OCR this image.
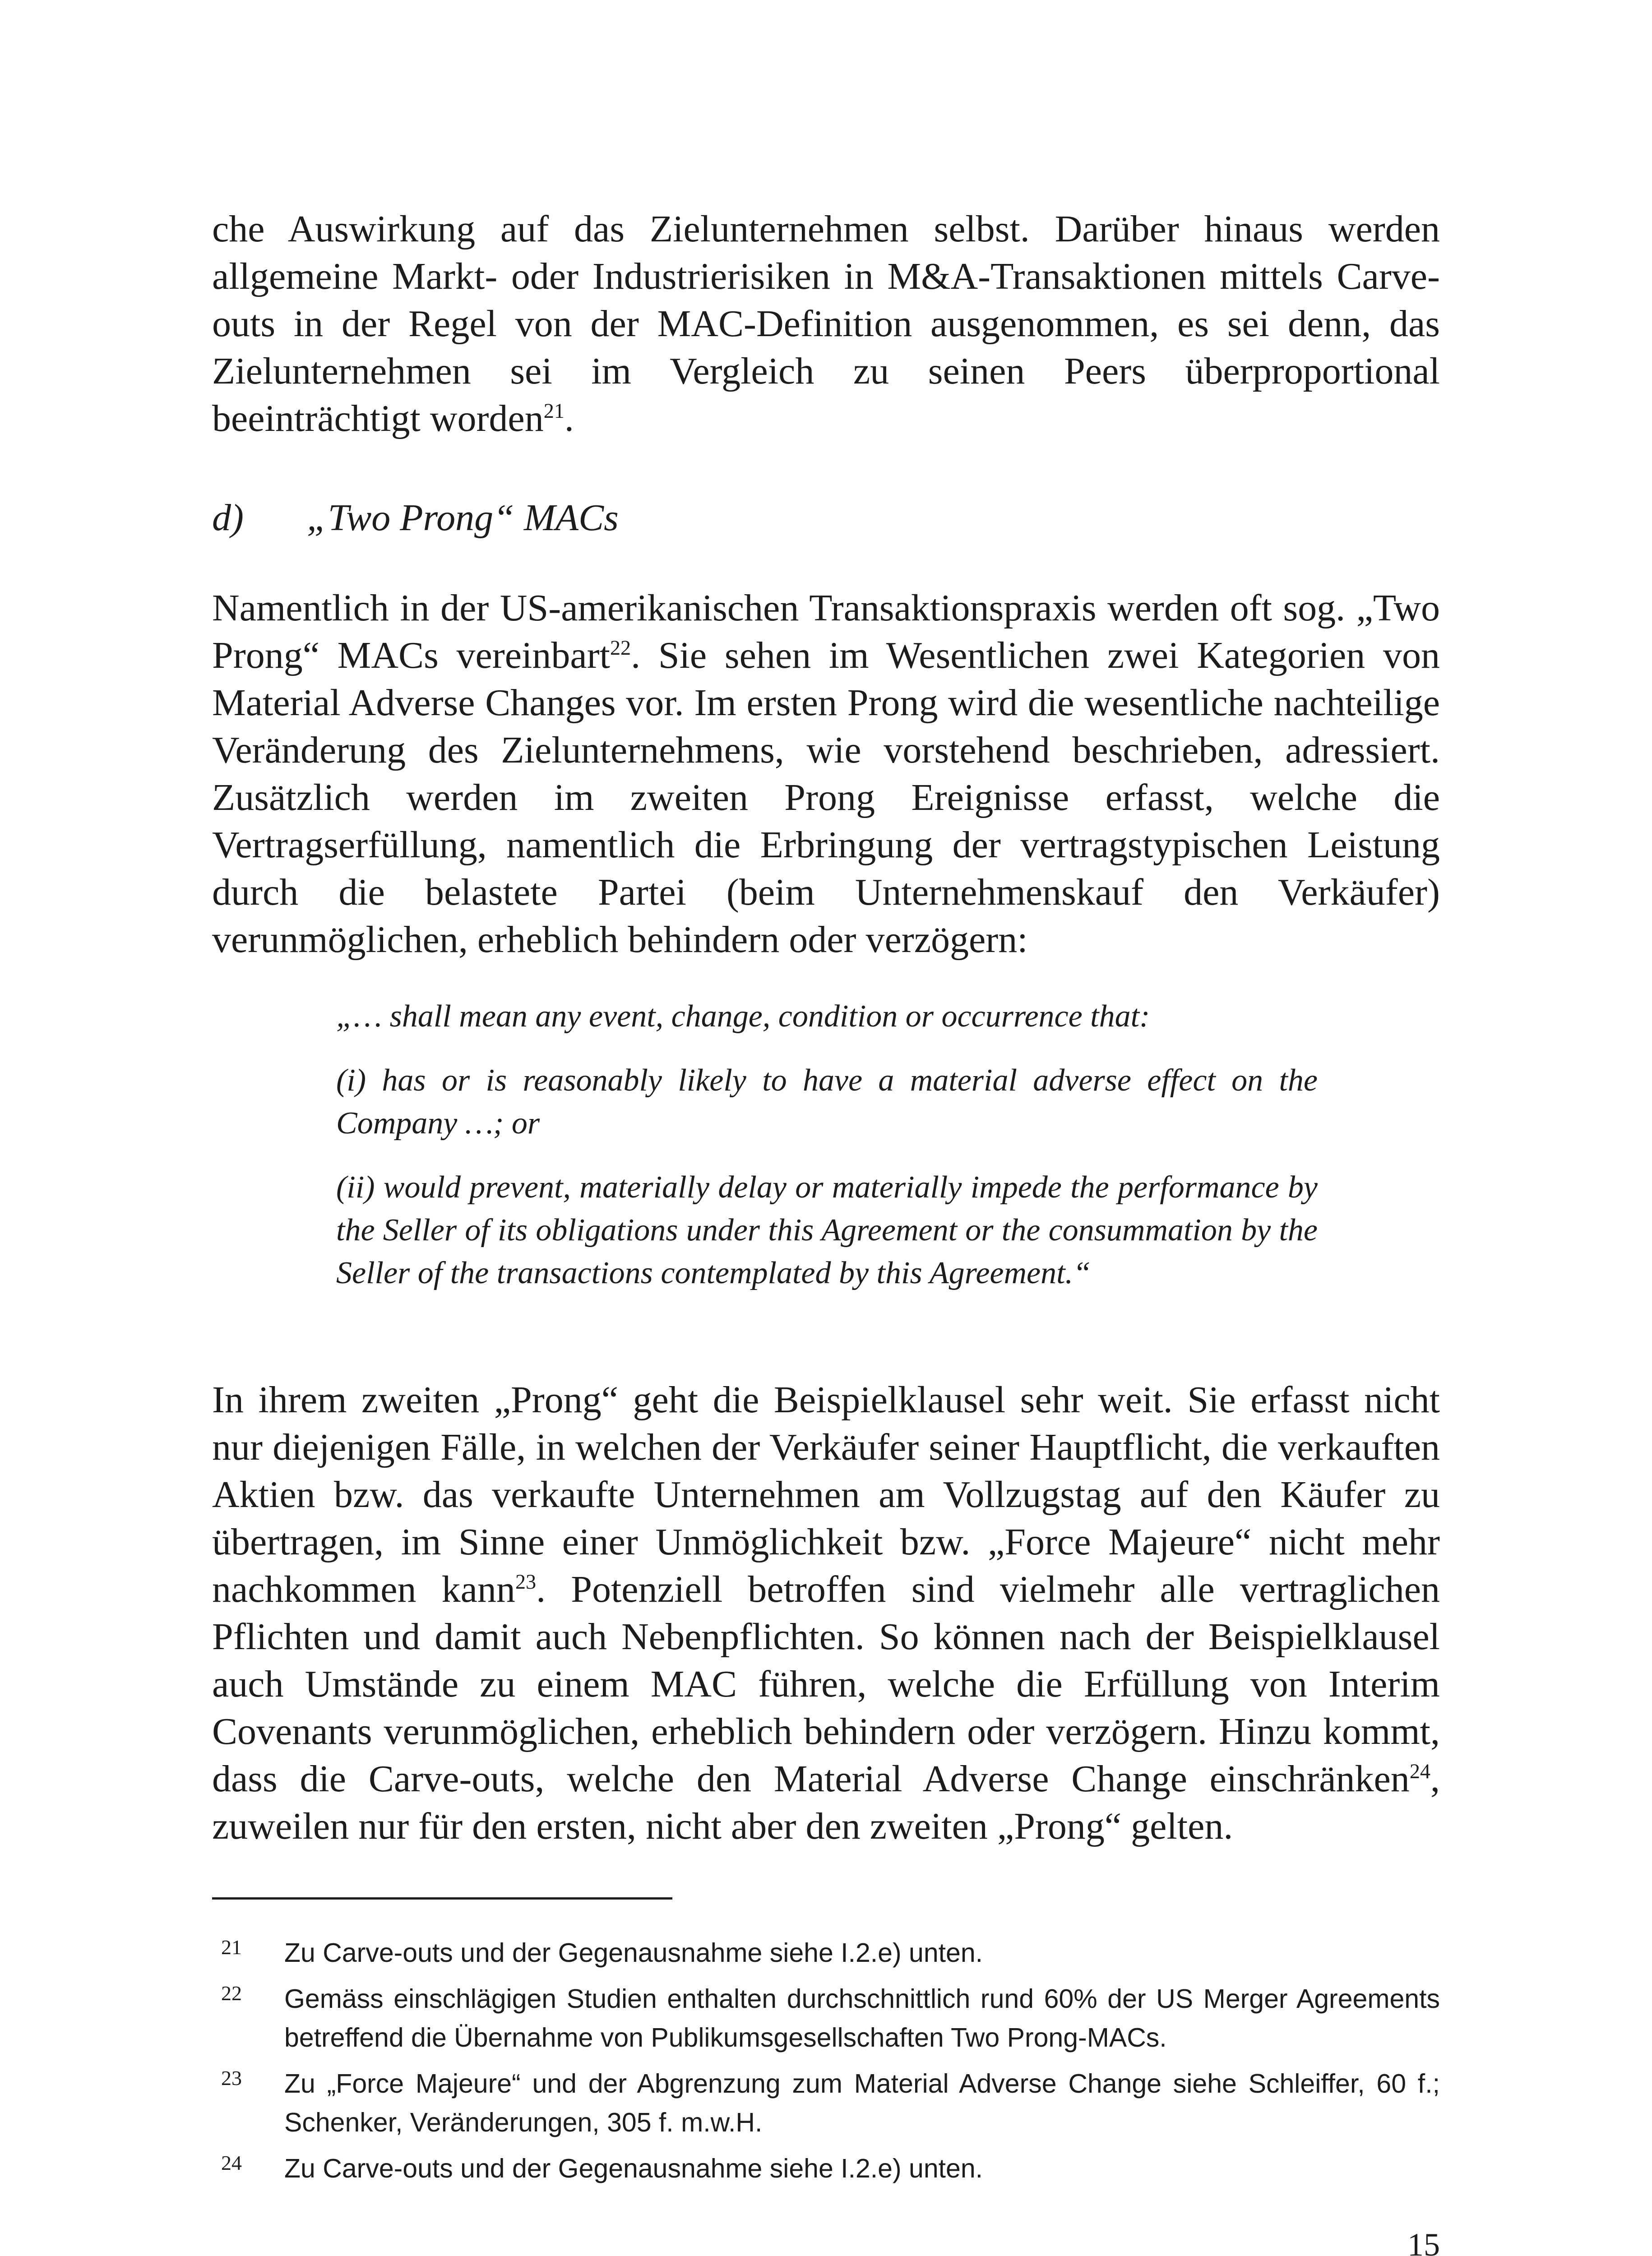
che Auswirkung auf das Zielunternehmen selbst. Darüber hinaus werden allgemeine Markt- oder Industrierisiken in M&A-Transaktionen mittels Carve-outs in der Regel von der MAC-Definition ausgenommen, es sei denn, das Zielunternehmen sei im Vergleich zu seinen Peers überproportional beeinträchtigt worden$^{21}$.

d) „Two Prong“ MACs

Namentlich in der US-amerikanischen Transaktionspraxis werden oft sog. „Two Prong“ MACs vereinbart$^{22}$. Sie sehen im Wesentlichen zwei Kategorien von Material Adverse Changes vor. Im ersten Prong wird die wesentliche nachteilige Veränderung des Zielunternehmens, wie vorstehend beschrieben, adressiert. Zusätzlich werden im zweiten Prong Ereignisse erfasst, welche die Vertragserfüllung, namentlich die Erbringung der vertragstypischen Leistung durch die belastete Partei (beim Unternehmenskauf den Verkäufer) verunmöglichen, erheblich behindern oder verzögern:

„… shall mean any event, change, condition or occurrence that:

(i) has or is reasonably likely to have a material adverse effect on the Company …; or

(ii) would prevent, materially delay or materially impede the performance by the Seller of its obligations under this Agreement or the consummation by the Seller of the transactions contemplated by this Agreement.“

In ihrem zweiten „Prong“ geht die Beispielklausel sehr weit. Sie erfasst nicht nur diejenigen Fälle, in welchen der Verkäufer seiner Hauptflicht, die verkauften Aktien bzw. das verkaufte Unternehmen am Vollzugstag auf den Käufer zu übertragen, im Sinne einer Unmöglichkeit bzw. „Force Majeure“ nicht mehr nachkommen kann$^{23}$. Potenziell betroffen sind vielmehr alle vertraglichen Pflichten und damit auch Nebenpflichten. So können nach der Beispielklausel auch Umstände zu einem MAC führen, welche die Erfüllung von Interim Covenants verunmöglichen, erheblich behindern oder verzögern. Hinzu kommt, dass die Carve-outs, welche den Material Adverse Change einschränken$^{24}$, zuweilen nur für den ersten, nicht aber den zweiten „Prong“ gelten.

21 Zu Carve-outs und der Gegenausnahme siehe I.2.e) unten.
22 Gemäss einschlägigen Studien enthalten durchschnittlich rund 60% der US Merger Agreements betreffend die Übernahme von Publikumsgesellschaften Two Prong-MACs.
23 Zu „Force Majeure“ und der Abgrenzung zum Material Adverse Change siehe Schleiffer, 60 f.; Schenker, Veränderungen, 305 f. m.w.H.
24 Zu Carve-outs und der Gegenausnahme siehe I.2.e) unten.
15
